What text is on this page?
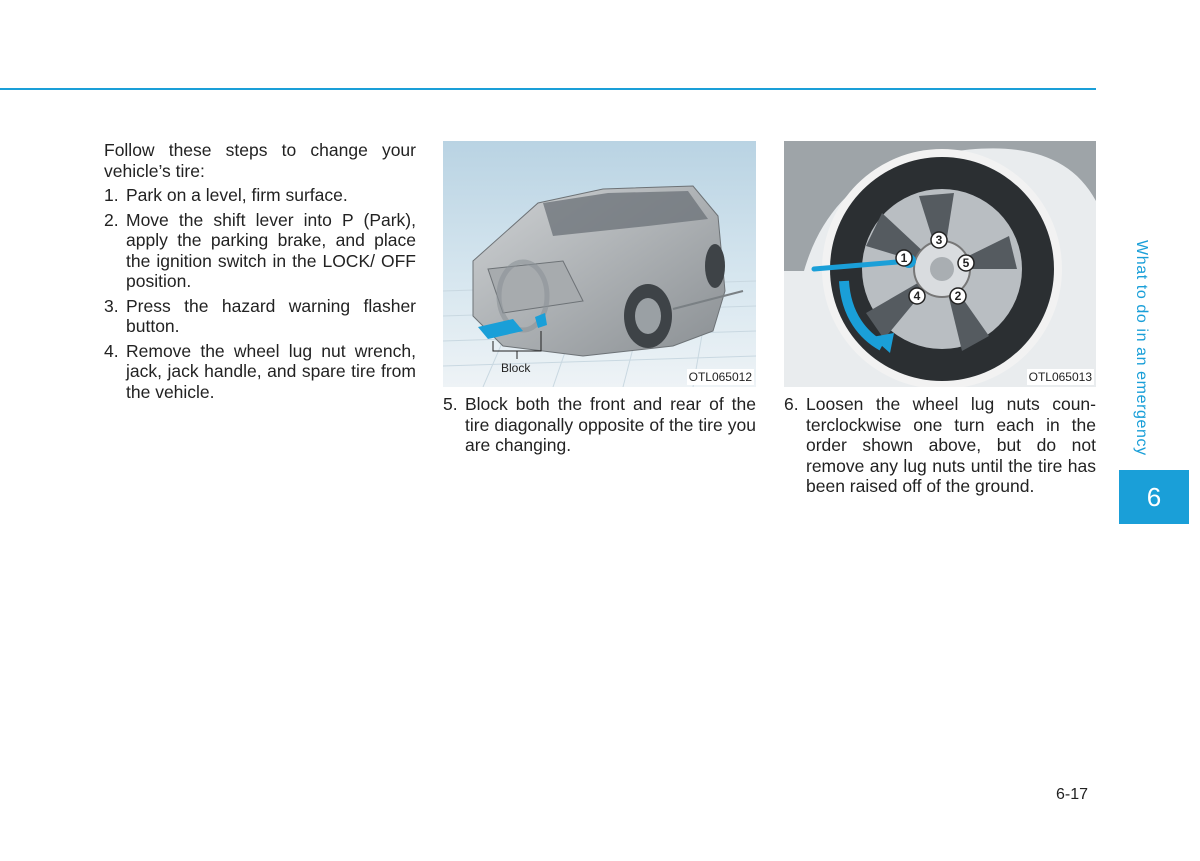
Follow these steps to change your vehicle’s tire:

1. Park on a level, firm surface.
2. Move the shift lever into P (Park), apply the parking brake, and place the ignition switch in the LOCK/ OFF position.
3. Press the hazard warning flasher button.
4. Remove the wheel lug nut wrench, jack, jack handle, and spare tire from the vehicle.
Block
OTL065012
1
2
3
4
5
OTL065013
5. Block both the front and rear of the tire diagonally opposite of the tire you are changing.
6. Loosen the wheel lug nuts coun- terclockwise one turn each in the order shown above, but do not remove any lug nuts until the tire has been raised off of the ground.
What to do in an emergency
6
6-17
